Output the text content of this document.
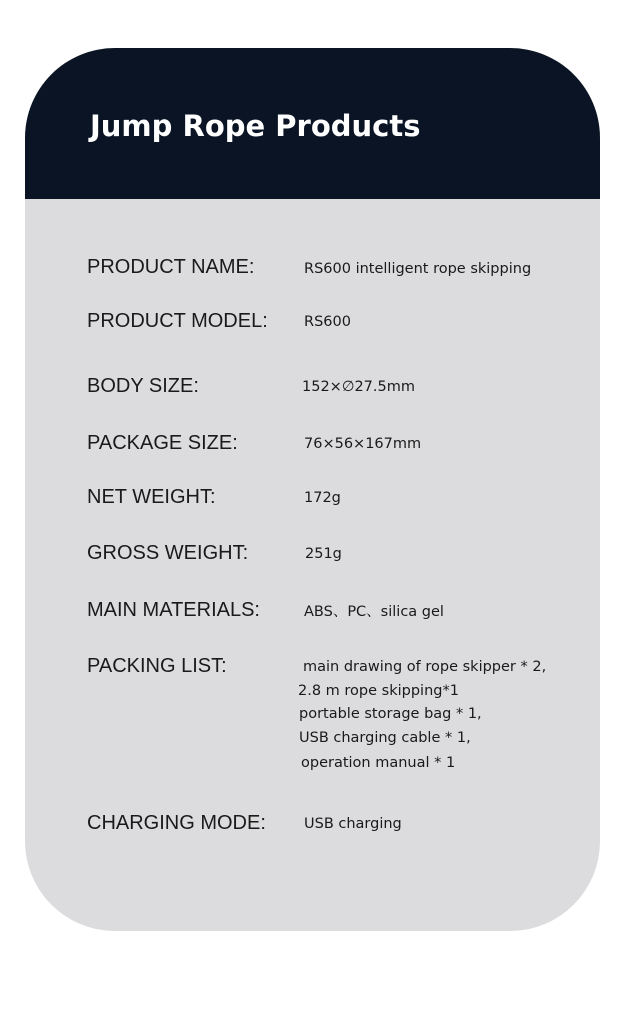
Jump Rope Products
PRODUCT NAME:	RS600 intelligent rope skipping
PRODUCT MODEL: RS600
BODY SIZE:	152×∅27.5mm
PACKAGE SIZE:	76×56×167mm
NET WEIGHT:	172g
GROSS WEIGHT:	251g
MAIN MATERIALS:	ABS、PC、silica gel
PACKING LIST:	main drawing of rope skipper * 2,
2.8 m rope skipping*1
portable storage bag * 1,
USB charging cable * 1,
operation manual * 1
CHARGING MODE:	USB charging
